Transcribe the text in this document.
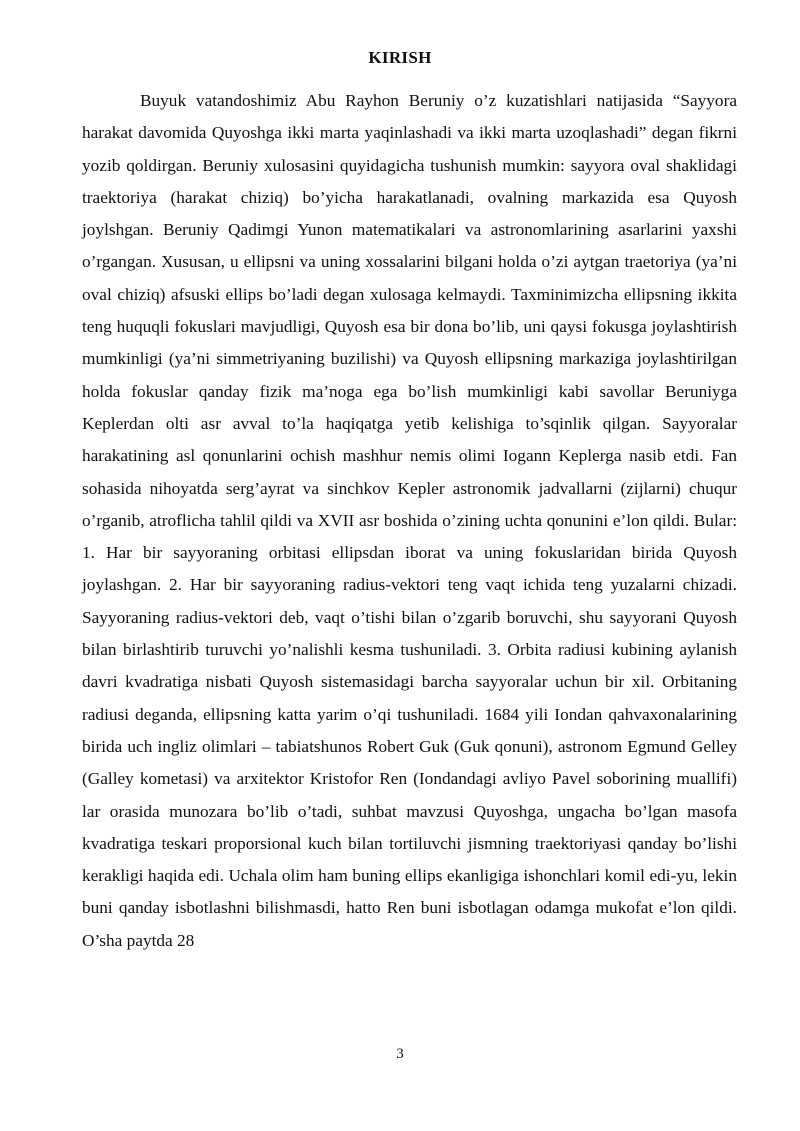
KIRISH

Buyuk vatandoshimiz Abu Rayhon Beruniy o’z kuzatishlari natijasida “Sayyora harakat davomida Quyoshga ikki marta yaqinlashadi va ikki marta uzoqlashadi” degan fikrni yozib qoldirgan. Beruniy xulosasini quyidagicha tushunish mumkin: sayyora oval shaklidagi traektoriya (harakat chiziq) bo’yicha harakatlanadi, ovalning markazida esa Quyosh joylshgan. Beruniy Qadimgi Yunon matematikalari va astronomlarining asarlarini yaxshi o’rgangan. Xususan, u ellipsni va uning xossalarini bilgani holda o’zi aytgan traetoriya (ya’ni oval chiziq) afsuski ellips bo’ladi degan xulosaga kelmaydi. Taxminimizcha ellipsning ikkita teng huquqli fokuslari mavjudligi, Quyosh esa bir dona bo’lib, uni qaysi fokusga joylashtirish mumkinligi (ya’ni simmetriyaning buzilishi) va Quyosh ellipsning markaziga joylashtirilgan holda fokuslar qanday fizik ma’noga ega bo’lish mumkinligi kabi savollar Beruniyga Keplerdan olti asr avval to’la haqiqatga yetib kelishiga to’sqinlik qilgan. Sayyoralar harakatining asl qonunlarini ochish mashhur nemis olimi Iogann Keplerga nasib etdi. Fan sohasida nihoyatda serg’ayrat va sinchkov Kepler astronomik jadvallarni (zijlarni) chuqur o’rganib, atroflicha tahlil qildi va XVII asr boshida o’zining uchta qonunini e’lon qildi. Bular: 1. Har bir sayyoraning orbitasi ellipsdan iborat va uning fokuslaridan birida Quyosh joylashgan. 2. Har bir sayyoraning radius-vektori teng vaqt ichida teng yuzalarni chizadi. Sayyoraning radius-vektori deb, vaqt o’tishi bilan o’zgarib boruvchi, shu sayyorani Quyosh bilan birlashtirib turuvchi yo’nalishli kesma tushuniladi. 3. Orbita radiusi kubining aylanish davri kvadratiga nisbati Quyosh sistemasidagi barcha sayyoralar uchun bir xil. Orbitaning radiusi deganda, ellipsning katta yarim o’qi tushuniladi. 1684 yili Iondan qahvaxonalarining birida uch ingliz olimlari – tabiatshunos Robert Guk (Guk qonuni), astronom Egmund Gelley (Galley kometasi) va arxitektor Kristofor Ren (Iondandagi avliyo Pavel soborining muallifi) lar orasida munozara bo’lib o’tadi, suhbat mavzusi Quyoshga, ungacha bo’lgan masofa kvadratiga teskari proporsional kuch bilan tortiluvchi jismning traektoriyasi qanday bo’lishi kerakligi haqida edi. Uchala olim ham buning ellips ekanligiga ishonchlari komil edi-yu, lekin buni qanday isbotlashni bilishmasdi, hatto Ren buni isbotlagan odamga mukofat e’lon qildi. O’sha paytda 28

3
